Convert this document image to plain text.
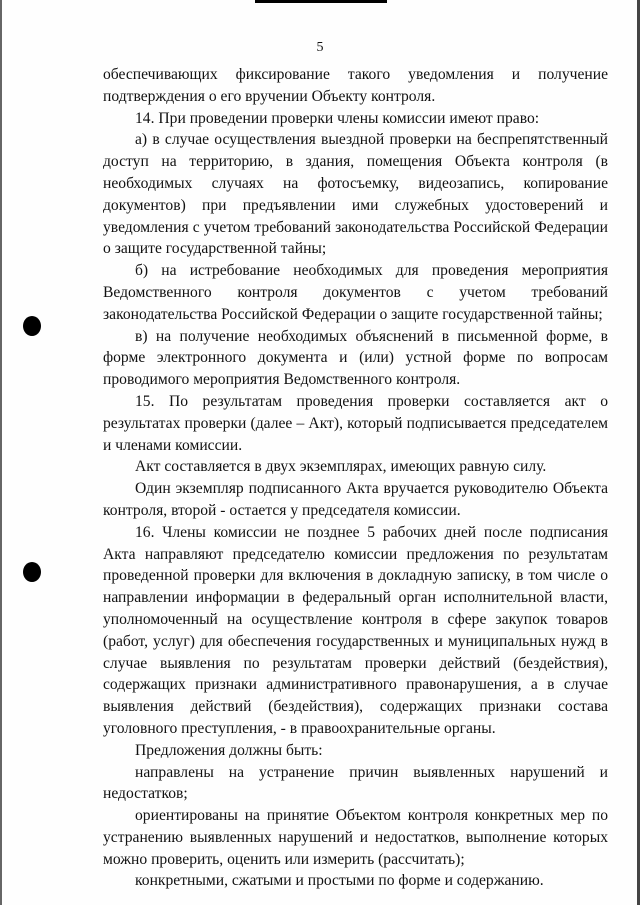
5

обеспечивающих фиксирование такого уведомления и получение подтверждения о его вручении Объекту контроля.

14. При проведении проверки члены комиссии имеют право:

а) в случае осуществления выездной проверки на беспрепятственный доступ на территорию, в здания, помещения Объекта контроля (в необходимых случаях на фотосъемку, видеозапись, копирование документов) при предъявлении ими служебных удостоверений и уведомления с учетом требований законодательства Российской Федерации о защите государственной тайны;

б) на истребование необходимых для проведения мероприятия Ведомственного контроля документов с учетом требований законодательства Российской Федерации о защите государственной тайны;

в) на получение необходимых объяснений в письменной форме, в форме электронного документа и (или) устной форме по вопросам проводимого мероприятия Ведомственного контроля.

15. По результатам проведения проверки составляется акт о результатах проверки (далее – Акт), который подписывается председателем и членами комиссии.

Акт составляется в двух экземплярах, имеющих равную силу.

Один экземпляр подписанного Акта вручается руководителю Объекта контроля, второй - остается у председателя комиссии.

16. Члены комиссии не позднее 5 рабочих дней после подписания Акта направляют председателю комиссии предложения по результатам проведенной проверки для включения в докладную записку, в том числе о направлении информации в федеральный орган исполнительной власти, уполномоченный на осуществление контроля в сфере закупок товаров (работ, услуг) для обеспечения государственных и муниципальных нужд в случае выявления по результатам проверки действий (бездействия), содержащих признаки административного правонарушения, а в случае выявления действий (бездействия), содержащих признаки состава уголовного преступления, - в правоохранительные органы.

Предложения должны быть:

направлены на устранение причин выявленных нарушений и недостатков;

ориентированы на принятие Объектом контроля конкретных мер по устранению выявленных нарушений и недостатков, выполнение которых можно проверить, оценить или измерить (рассчитать);

конкретными, сжатыми и простыми по форме и содержанию.
